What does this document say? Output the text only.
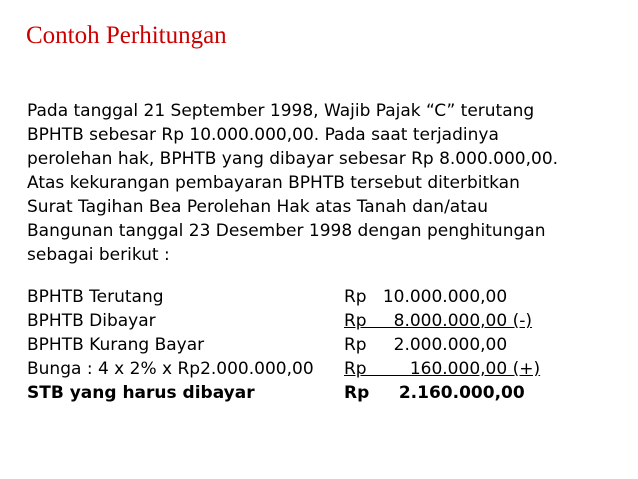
Contoh Perhitungan
Pada tanggal 21 September 1998, Wajib Pajak “C” terutang
BPHTB sebesar Rp 10.000.000,00. Pada saat terjadinya
perolehan hak, BPHTB yang dibayar sebesar Rp 8.000.000,00.
Atas kekurangan pembayaran BPHTB tersebut diterbitkan
Surat Tagihan Bea Perolehan Hak atas Tanah dan/atau
Bangunan tanggal 23 Desember 1998 dengan penghitungan
sebagai berikut :
BPHTB Terutang	Rp   10.000.000,00
BPHTB Dibayar	Rp     8.000.000,00 (-)
BPHTB Kurang Bayar	Rp     2.000.000,00
Bunga : 4 x 2% x Rp2.000.000,00	Rp        160.000,00 (+)
STB yang harus dibayar	Rp     2.160.000,00
